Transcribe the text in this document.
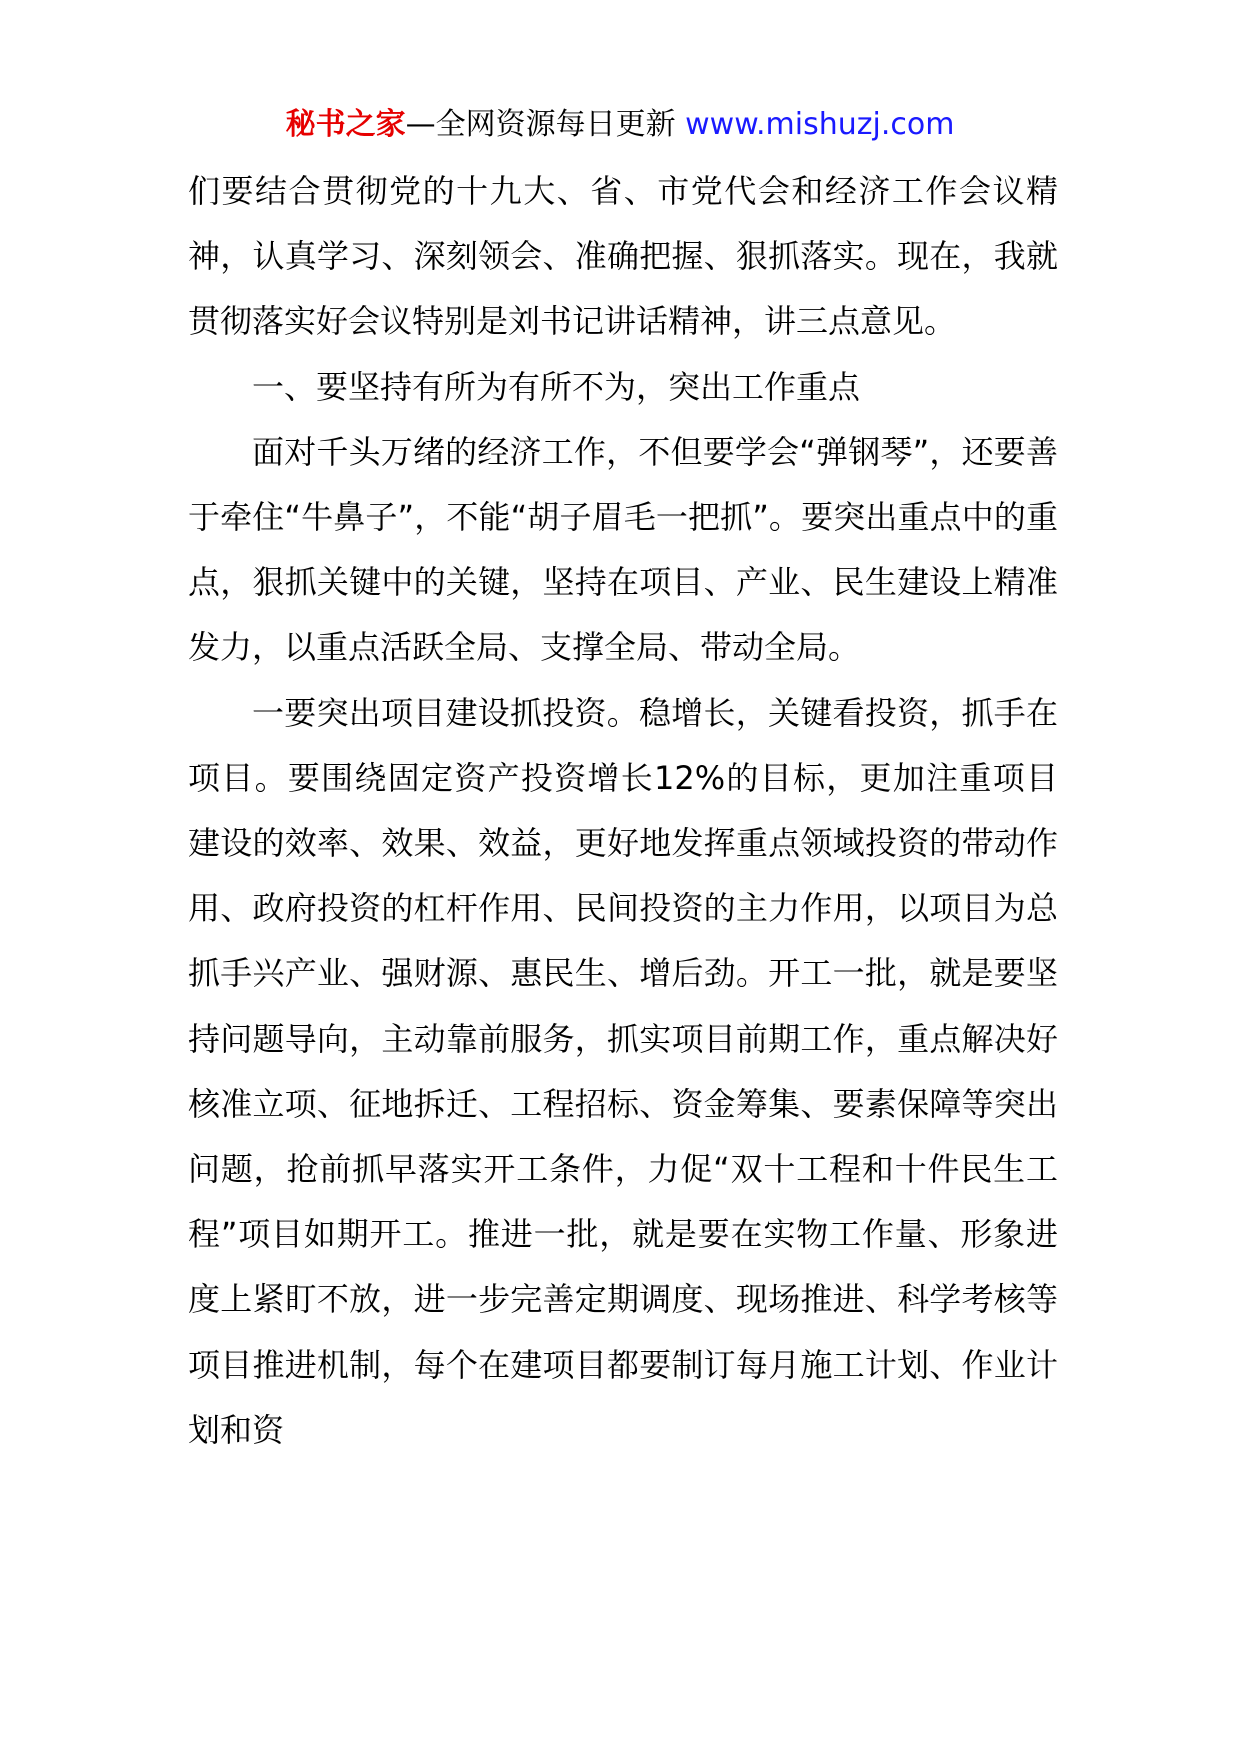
秘书之家—全网资源每日更新 www.mishuzj.com

们要结合贯彻党的十九大、省、市党代会和经济工作会议精神，认真学习、深刻领会、准确把握、狠抓落实。现在，我就贯彻落实好会议特别是刘书记讲话精神，讲三点意见。

一、要坚持有所为有所不为，突出工作重点

面对千头万绪的经济工作，不但要学会“弹钢琴”，还要善于牵住“牛鼻子”，不能“胡子眉毛一把抓”。要突出重点中的重点，狠抓关键中的关键，坚持在项目、产业、民生建设上精准发力，以重点活跃全局、支撑全局、带动全局。

一要突出项目建设抓投资。稳增长，关键看投资，抓手在项目。要围绕固定资产投资增长12%的目标，更加注重项目建设的效率、效果、效益，更好地发挥重点领域投资的带动作用、政府投资的杠杆作用、民间投资的主力作用，以项目为总抓手兴产业、强财源、惠民生、增后劲。开工一批，就是要坚持问题导向，主动靠前服务，抓实项目前期工作，重点解决好核准立项、征地拆迁、工程招标、资金筹集、要素保障等突出问题，抢前抓早落实开工条件，力促“双十工程和十件民生工程”项目如期开工。推进一批，就是要在实物工作量、形象进度上紧盯不放，进一步完善定期调度、现场推进、科学考核等项目推进机制，每个在建项目都要制订每月施工计划、作业计划和资
